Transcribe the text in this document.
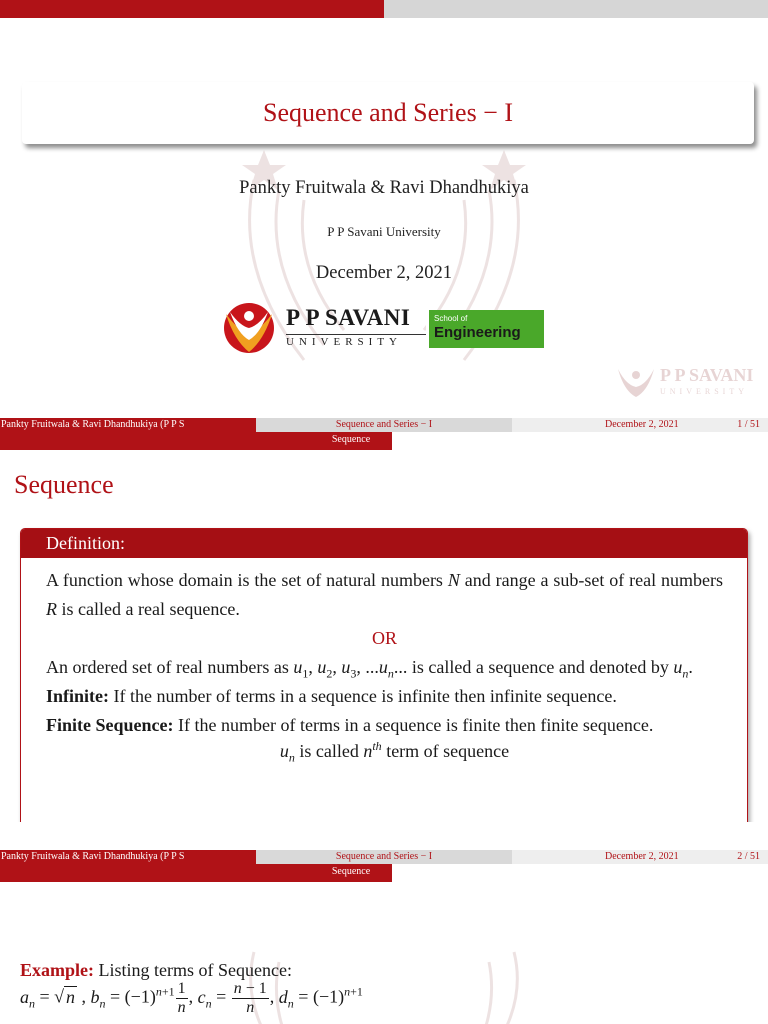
Sequence and Series − I
Pankty Fruitwala & Ravi Dhandhukiya
P P Savani University
December 2, 2021
P P SAVANI
UNIVERSITY
School of
Engineering
P P SAVANI
UNIVERSITY
Pankty Fruitwala & Ravi Dhandhukiya (P P S	Sequence and Series − I	December 2, 2021	1 / 51
Sequence
Sequence
Definition:
A function whose domain is the set of natural numbers N and range a sub-set of real numbers R is called a real sequence.
OR
An ordered set of real numbers as $u_1$, $u_2$, $u_3$, $...u_n$... is called a sequence and denoted by $u_n$.
Infinite: If the number of terms in a sequence is infinite then infinite sequence.
Finite Sequence: If the number of terms in a sequence is finite then finite sequence.
$u_n$ is called $n^{th}$ term of sequence
Pankty Fruitwala & Ravi Dhandhukiya (P P S	Sequence and Series − I	December 2, 2021	2 / 51
Sequence
Example: Listing terms of Sequence:
$a_n$ = √ n , $b_n = (-1)^{n+1} \frac{1}{n}$ , $c_n = \frac{n - 1}{n}$ , $d_n = (-1)^{n+1}$
